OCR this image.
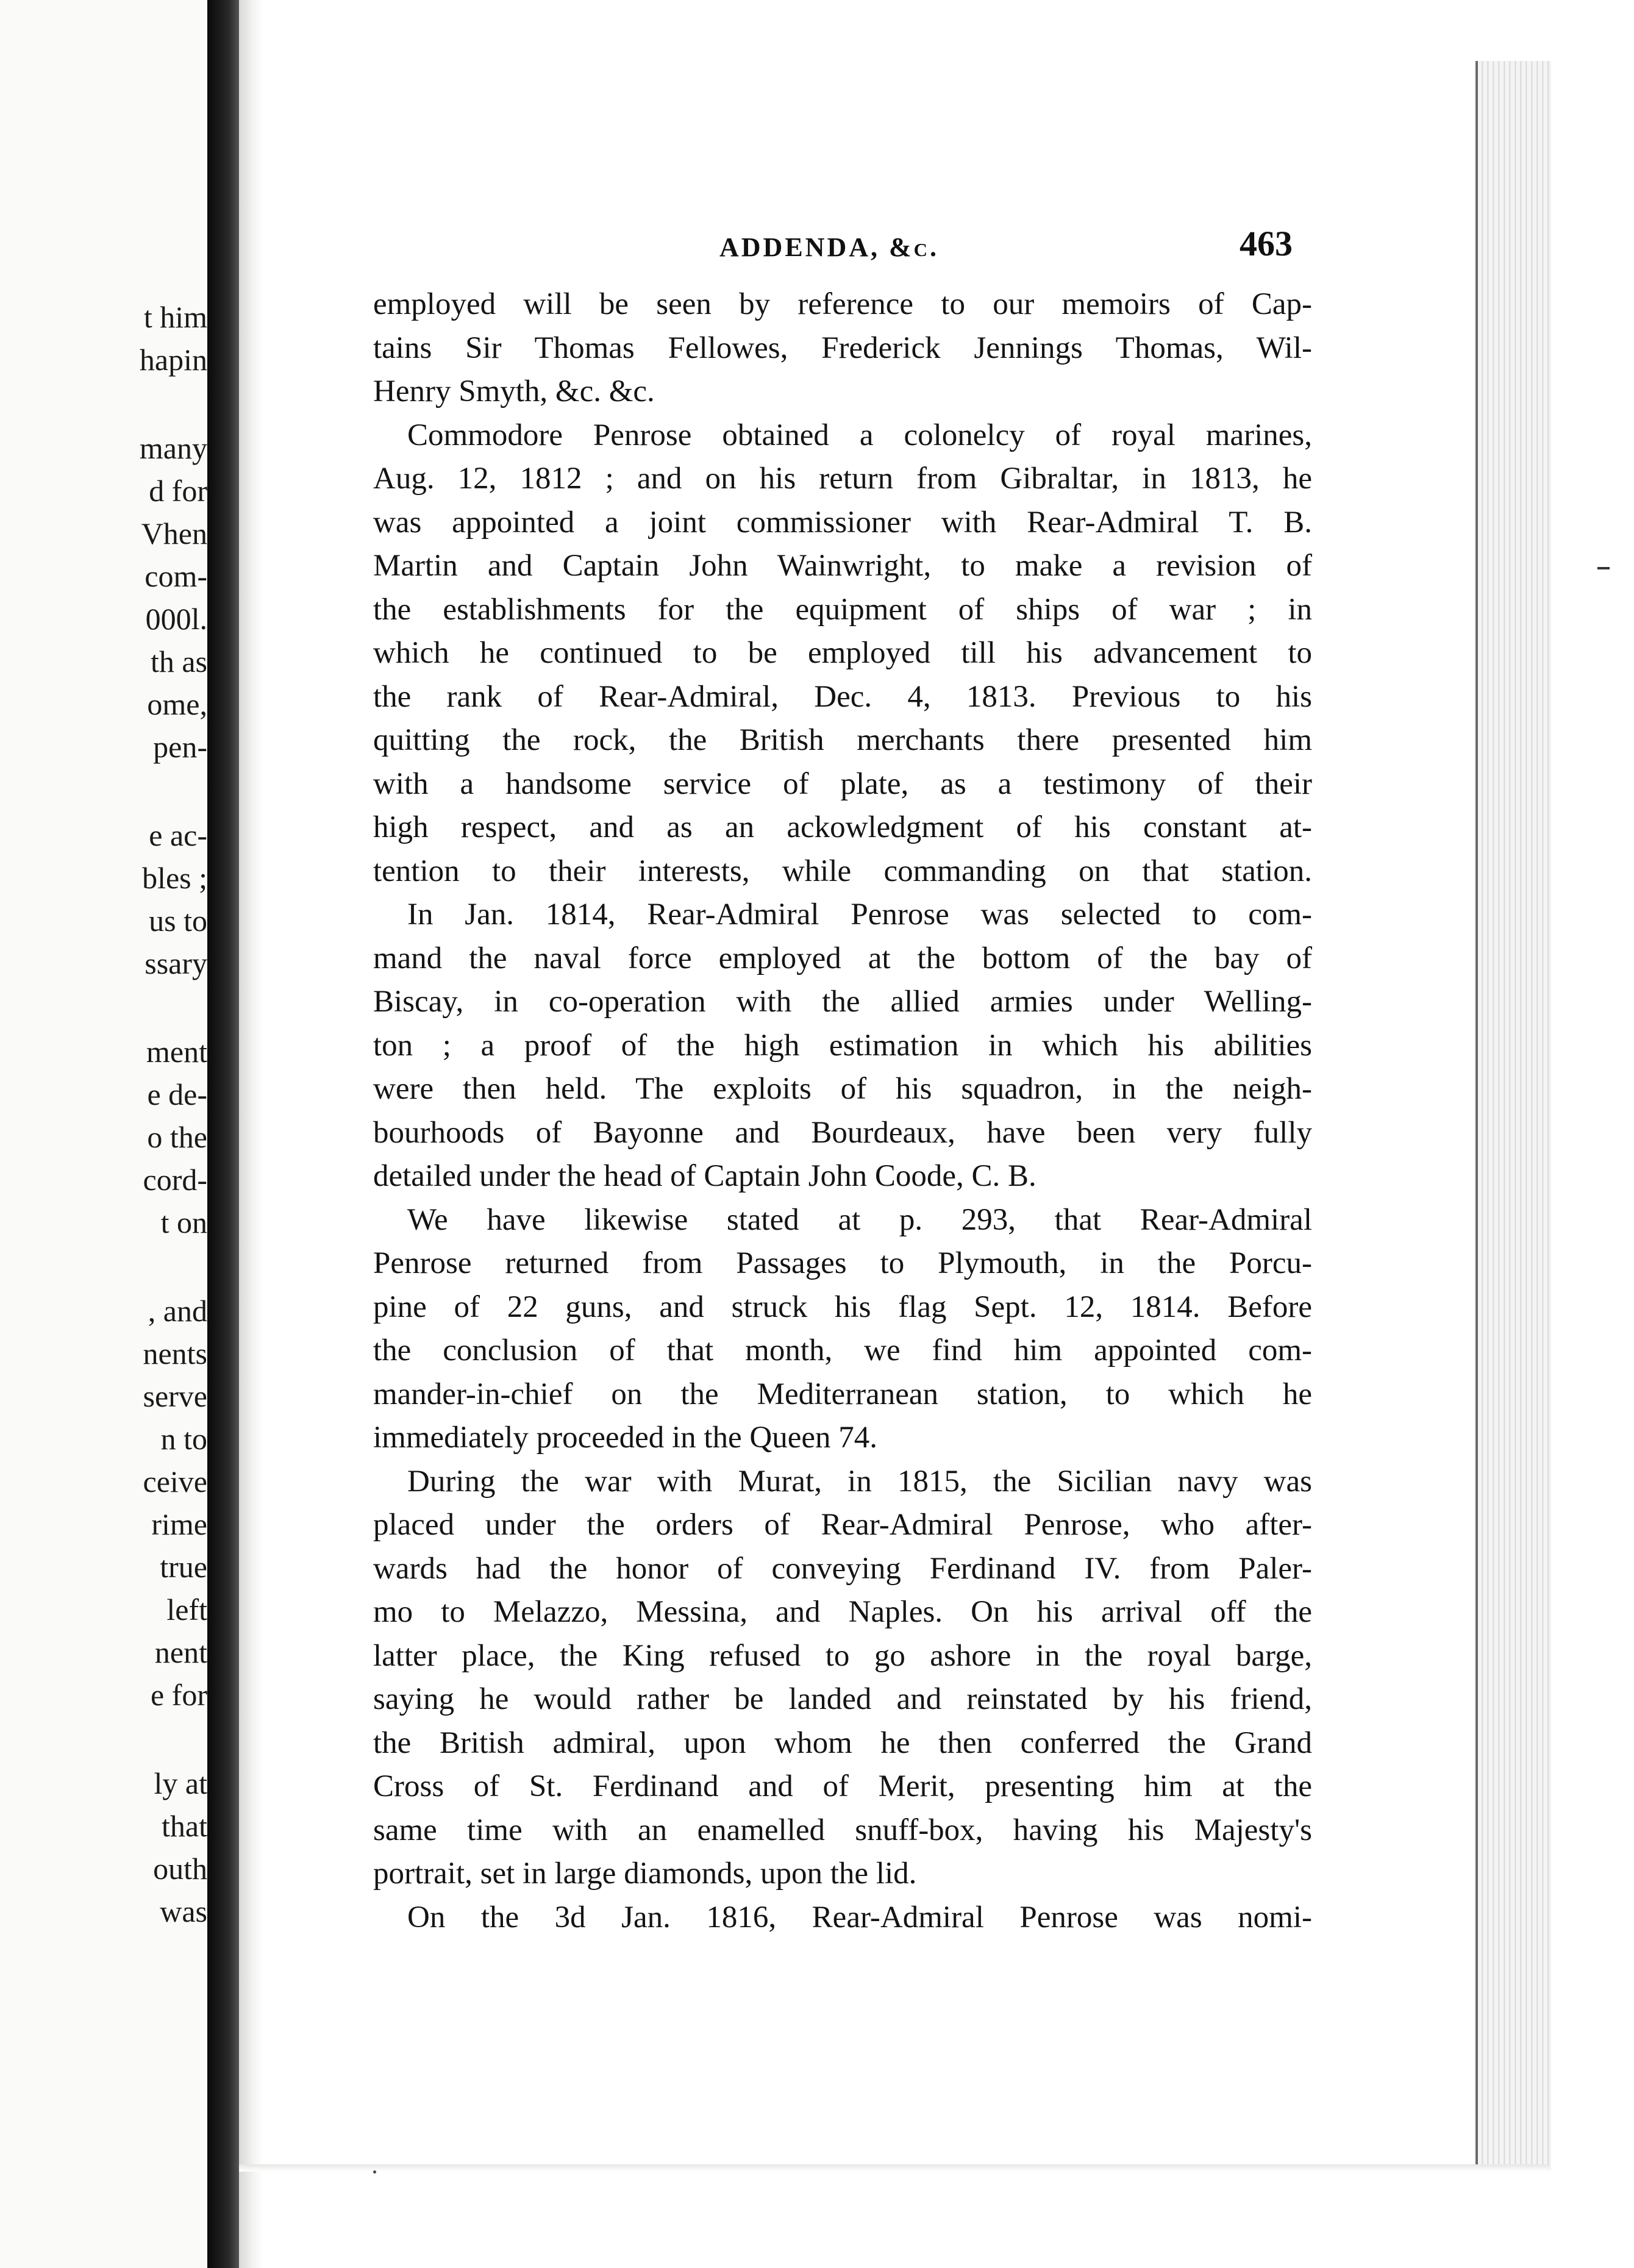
t him
hapin
many
d for
Vhen
com-
000l.
th as
ome,
pen-
e ac-
bles ;
us to
ssary
ment
e de-
o the
cord-
t on
, and
nents
serve
n to
ceive
rime
true
left
nent
e for
ly at
that
outh
was
ADDENDA, &c.	463
employed will be seen by reference to our memoirs of Cap-
tains Sir Thomas Fellowes, Frederick Jennings Thomas, Wil-
Henry Smyth, &c. &c.
Commodore Penrose obtained a colonelcy of royal marines,
Aug. 12, 1812 ; and on his return from Gibraltar, in 1813, he
was appointed a joint commissioner with Rear-Admiral T. B.
Martin and Captain John Wainwright, to make a revision of
the establishments for the equipment of ships of war ; in
which he continued to be employed till his advancement to
the rank of Rear-Admiral, Dec. 4, 1813. Previous to his
quitting the rock, the British merchants there presented him
with a handsome service of plate, as a testimony of their
high respect, and as an ackowledgment of his constant at-
tention to their interests, while commanding on that station.
In Jan. 1814, Rear-Admiral Penrose was selected to com-
mand the naval force employed at the bottom of the bay of
Biscay, in co-operation with the allied armies under Welling-
ton ; a proof of the high estimation in which his abilities
were then held. The exploits of his squadron, in the neigh-
bourhoods of Bayonne and Bourdeaux, have been very fully
detailed under the head of Captain John Coode, C. B.
We have likewise stated at p. 293, that Rear-Admiral
Penrose returned from Passages to Plymouth, in the Porcu-
pine of 22 guns, and struck his flag Sept. 12, 1814. Before
the conclusion of that month, we find him appointed com-
mander-in-chief on the Mediterranean station, to which he
immediately proceeded in the Queen 74.
During the war with Murat, in 1815, the Sicilian navy was
placed under the orders of Rear-Admiral Penrose, who after-
wards had the honor of conveying Ferdinand IV. from Paler-
mo to Melazzo, Messina, and Naples. On his arrival off the
latter place, the King refused to go ashore in the royal barge,
saying he would rather be landed and reinstated by his friend,
the British admiral, upon whom he then conferred the Grand
Cross of St. Ferdinand and of Merit, presenting him at the
same time with an enamelled snuff-box, having his Majesty's
portrait, set in large diamonds, upon the lid.
On the 3d Jan. 1816, Rear-Admiral Penrose was nomi-
